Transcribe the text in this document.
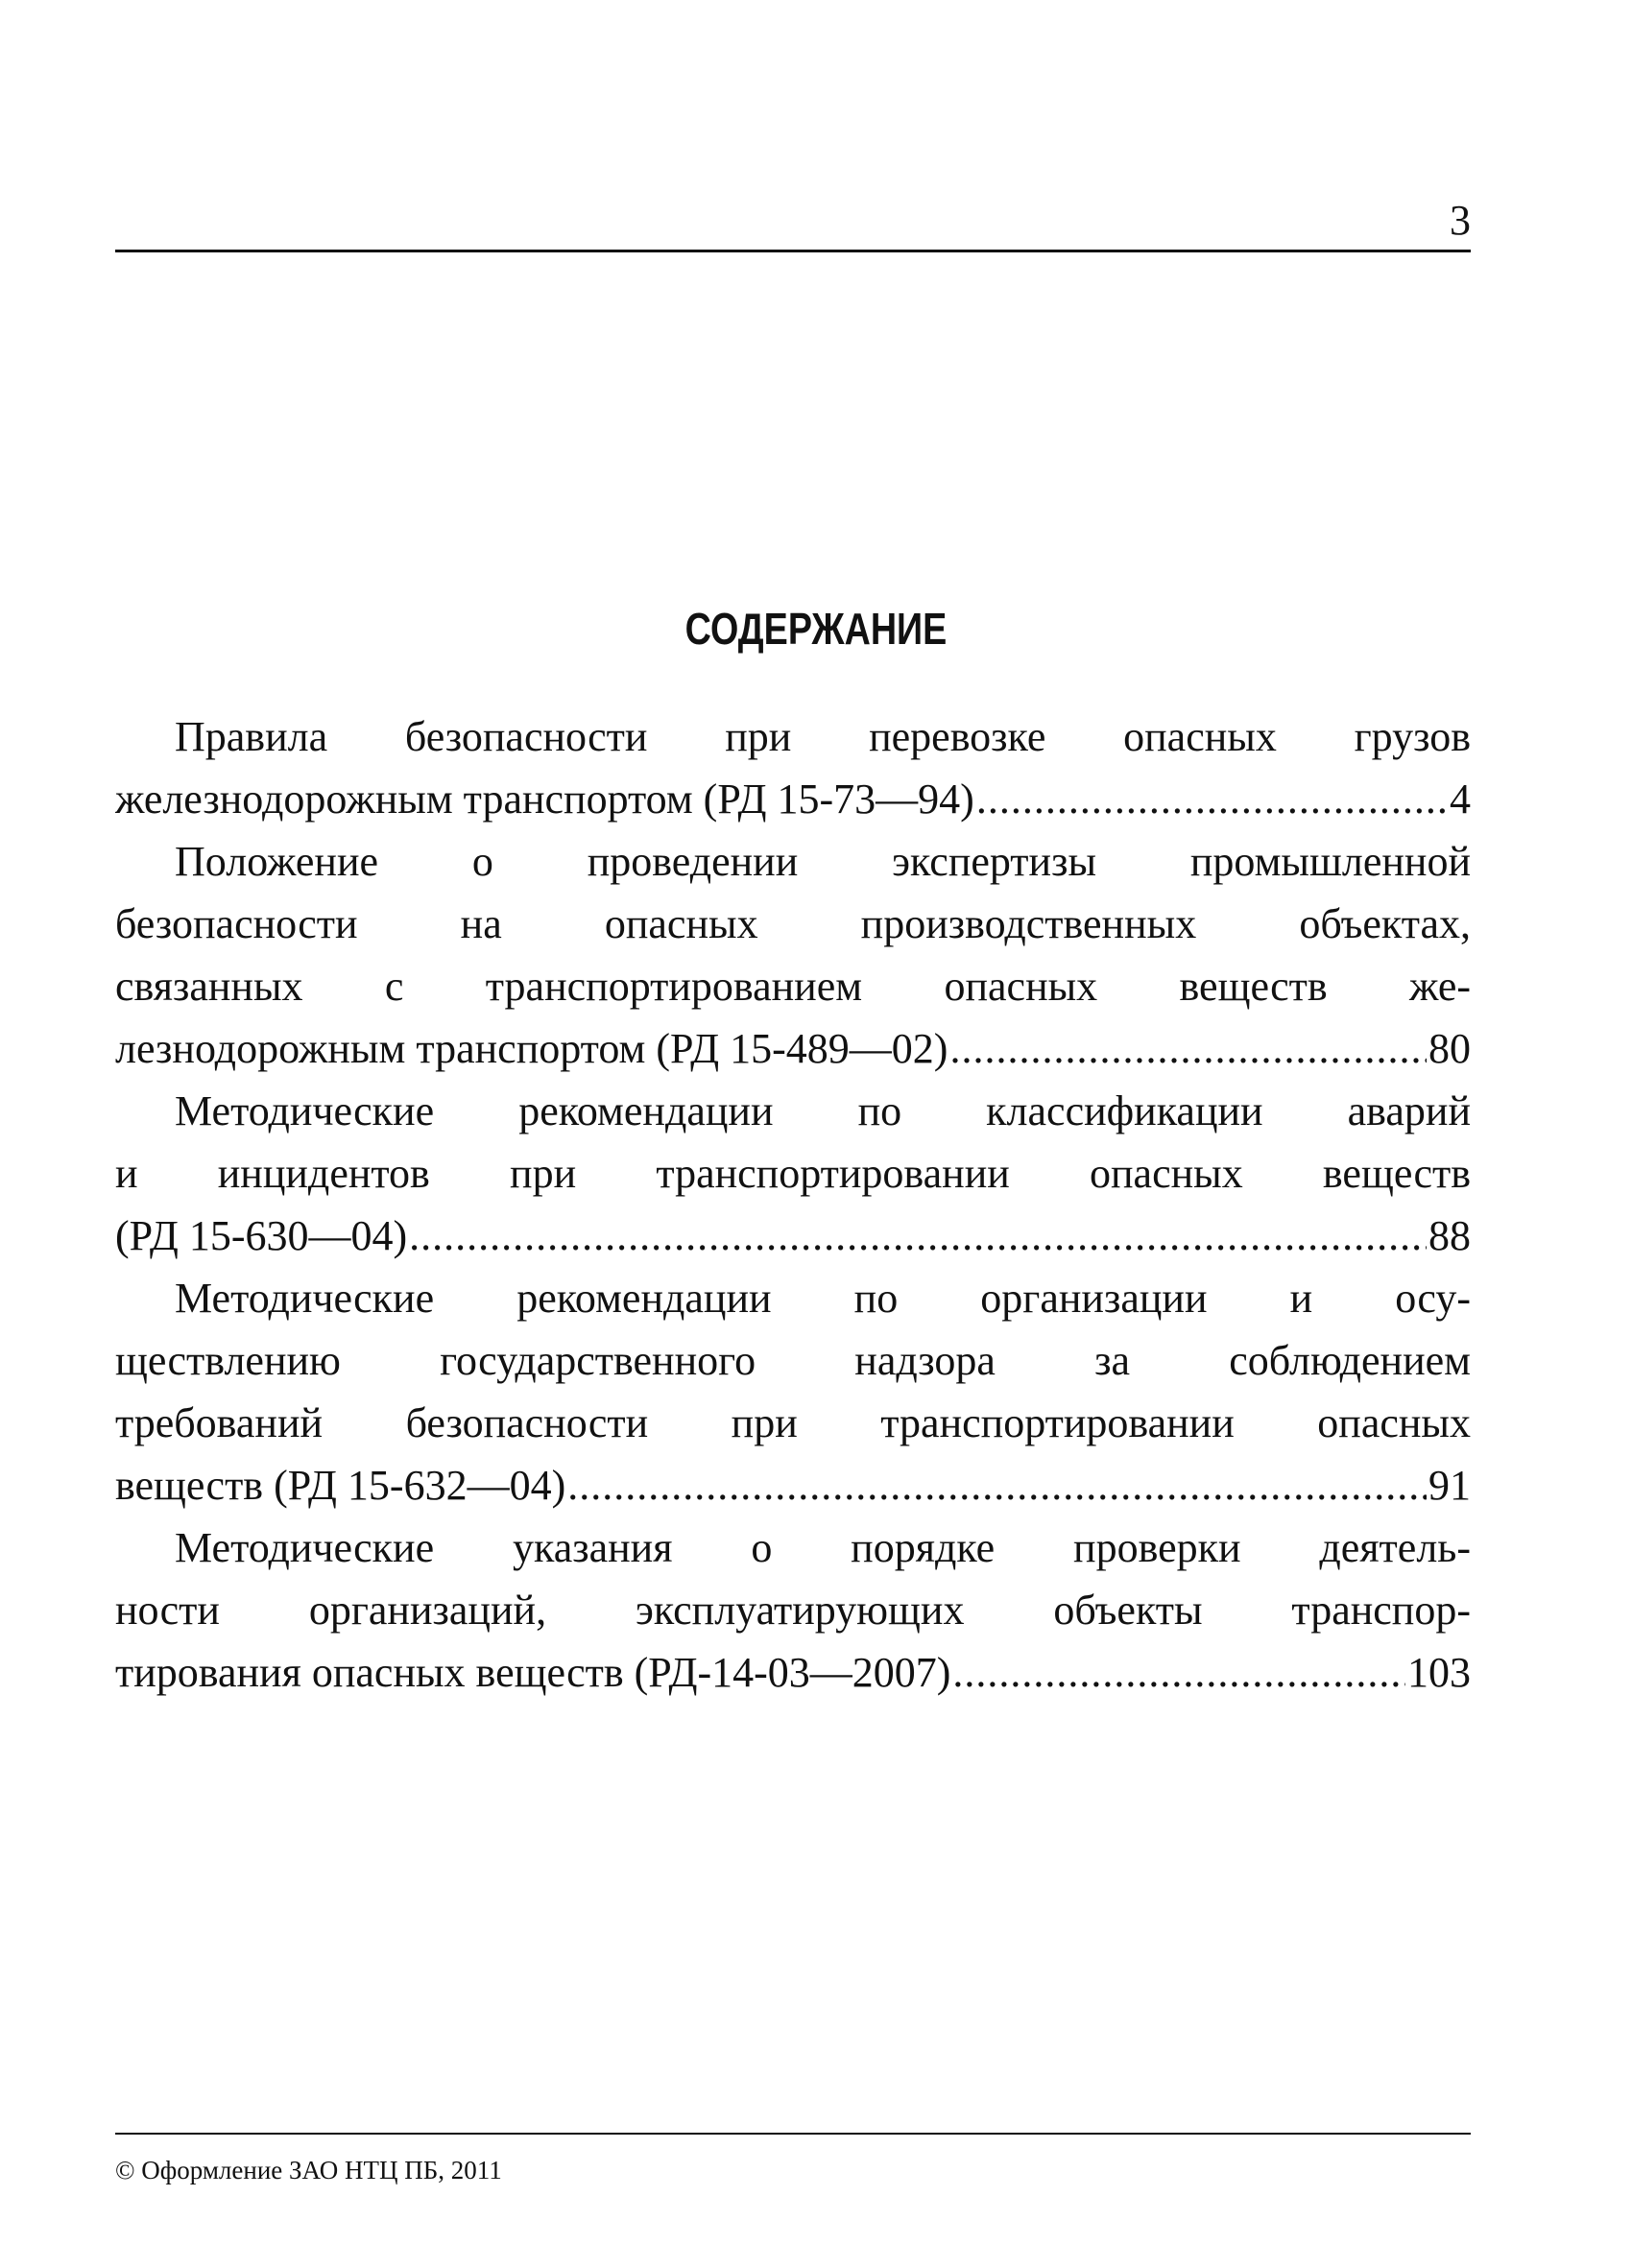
3
СОДЕРЖАНИЕ
Правила безопасности при перевозке опасных грузов
железнодорожным транспортом (РД 15-73—94) .....	4
Положение о проведении экспертизы промышленной
безопасности на опасных производственных объектах,
связанных с транспортированием опасных веществ же-
лезнодорожным транспортом (РД 15-489—02) .....	80
Методические рекомендации по классификации аварий
и инцидентов при транспортировании опасных веществ
(РД 15-630—04) .....	88
Методические рекомендации по организации и осу-
ществлению государственного надзора за соблюдением
требований безопасности при транспортировании опасных
веществ (РД 15-632—04) .....	91
Методические указания о порядке проверки деятель-
ности организаций, эксплуатирующих объекты транспор-
тирования опасных веществ (РД-14-03—2007) .....	103
© Оформление ЗАО НТЦ ПБ, 2011
